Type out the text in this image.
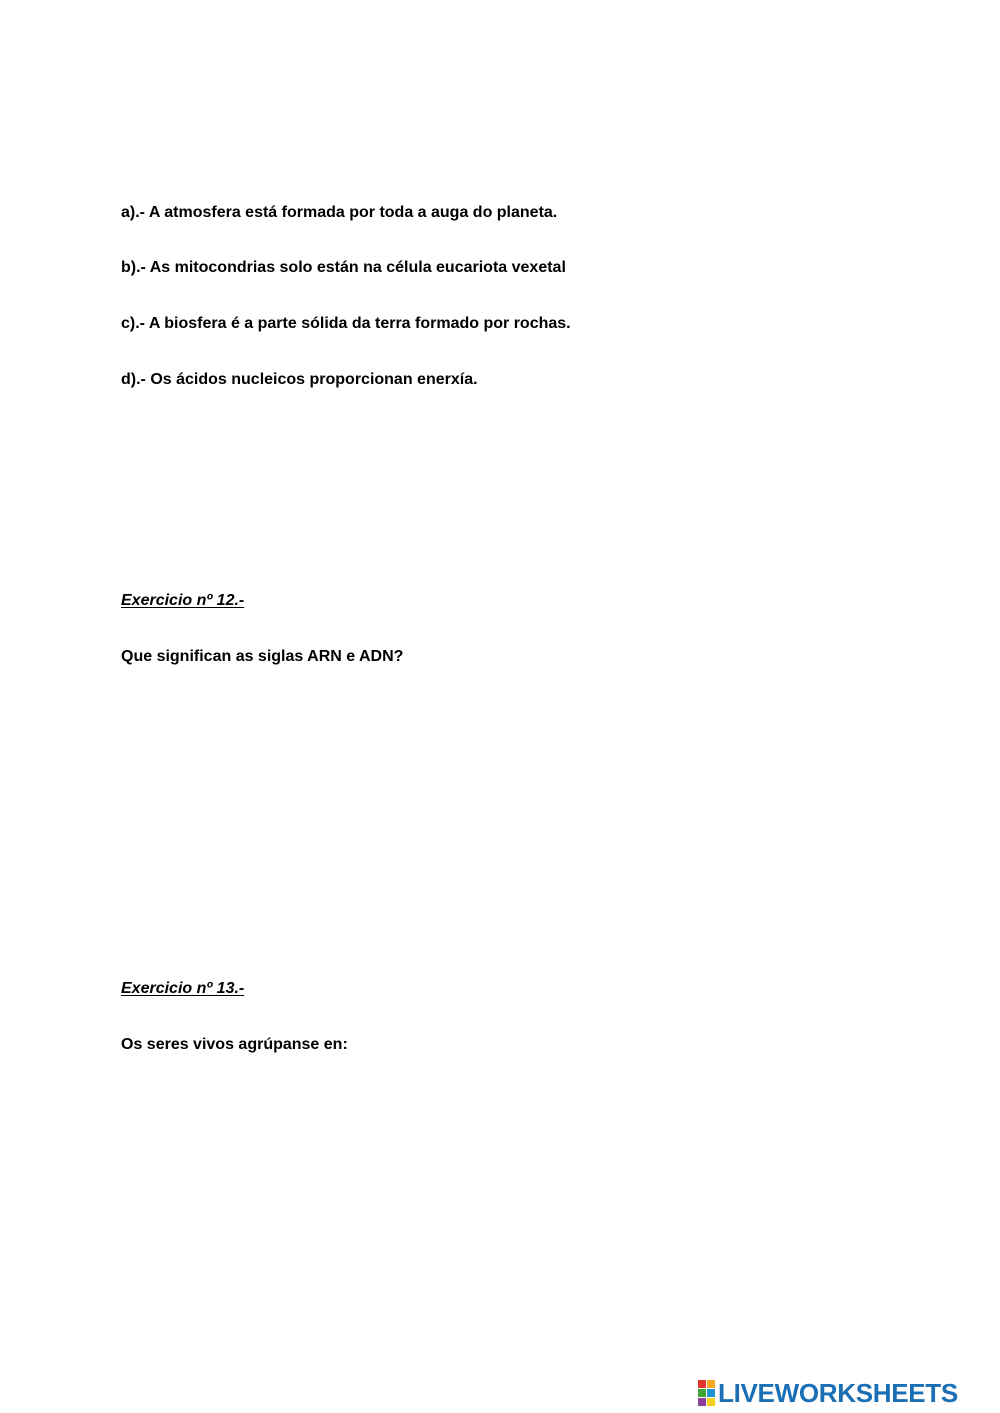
a).- A atmosfera está formada por toda a auga do planeta.
b).- As mitocondrias solo están na célula eucariota vexetal
c).- A biosfera é a parte sólida da terra formado por rochas.
d).- Os ácidos nucleicos proporcionan enerxía.
Exercicio nº 12.-
Que significan as siglas ARN e ADN?
Exercicio nº 13.-
Os seres vivos agrúpanse en:
LIVEWORKSHEETS
